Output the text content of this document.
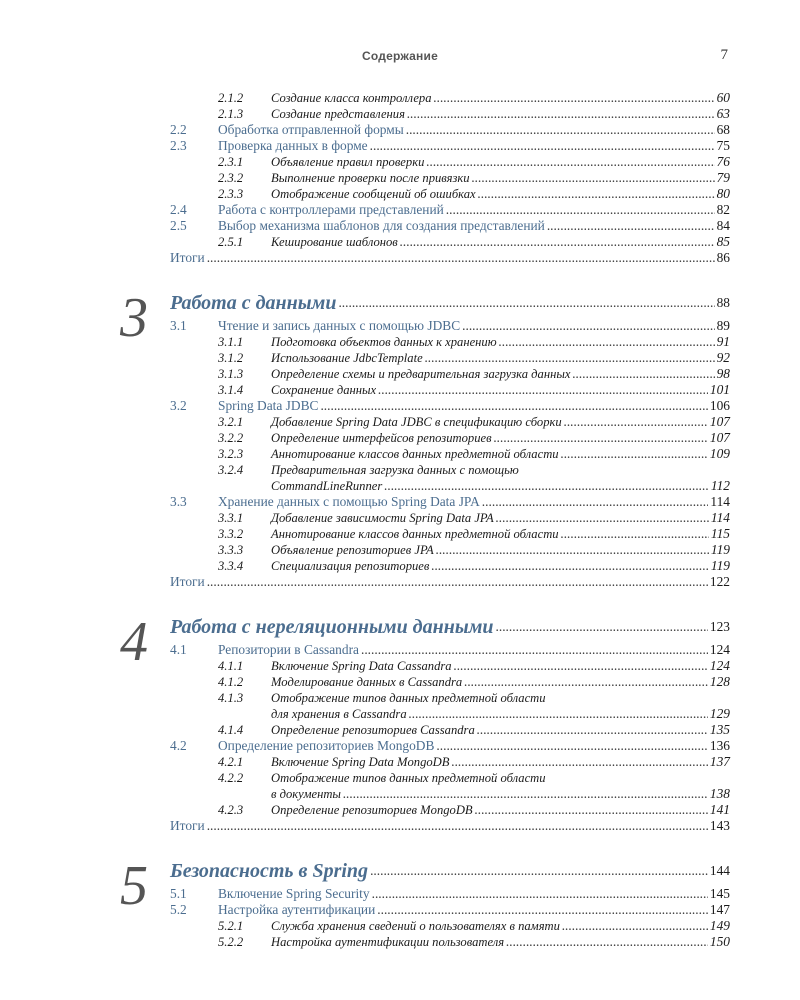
Содержание	7
2.1.2	Создание класса контроллера .....	60
2.1.3	Создание представления .....	63
2.2	Обработка отправленной формы .....	68
2.3	Проверка данных в форме .....	75
2.3.1	Объявление правил проверки .....	76
2.3.2	Выполнение проверки после привязки .....	79
2.3.3	Отображение сообщений об ошибках .....	80
2.4	Работа с контроллерами представлений .....	82
2.5	Выбор механизма шаблонов для создания представлений .....	84
2.5.1	Кеширование шаблонов .....	85
Итоги .....	86
3 Работа с данными .....	88
3.1	Чтение и запись данных с помощью JDBC .....	89
3.1.1	Подготовка объектов данных к хранению .....	91
3.1.2	Использование JdbcTemplate .....	92
3.1.3	Определение схемы и предварительная загрузка данных .....	98
3.1.4	Сохранение данных .....	101
3.2	Spring Data JDBC .....	106
3.2.1	Добавление Spring Data JDBC в спецификацию сборки .....	107
3.2.2	Определение интерфейсов репозиториев .....	107
3.2.3	Аннотирование классов данных предметной области .....	109
3.2.4	Предварительная загрузка данных с помощью
CommandLineRunner .....	112
3.3	Хранение данных с помощью Spring Data JPA .....	114
3.3.1	Добавление зависимости Spring Data JPA .....	114
3.3.2	Аннотирование классов данных предметной области .....	115
3.3.3	Объявление репозиториев JPA .....	119
3.3.4	Специализация репозиториев .....	119
Итоги .....	122
4 Работа с нереляционными данными .....	123
4.1	Репозитории в Cassandra .....	124
4.1.1	Включение Spring Data Cassandra .....	124
4.1.2	Моделирование данных в Cassandra .....	128
4.1.3	Отображение типов данных предметной области
для хранения в Cassandra .....	129
4.1.4	Определение репозиториев Cassandra .....	135
4.2	Определение репозиториев MongoDB .....	136
4.2.1	Включение Spring Data MongoDB .....	137
4.2.2	Отображение типов данных предметной области
в документы .....	138
4.2.3	Определение репозиториев MongoDB .....	141
Итоги .....	143
5 Безопасность в Spring .....	144
5.1	Включение Spring Security .....	145
5.2	Настройка аутентификации .....	147
5.2.1	Служба хранения сведений о пользователях в памяти .....	149
5.2.2	Настройка аутентификации пользователя .....	150
